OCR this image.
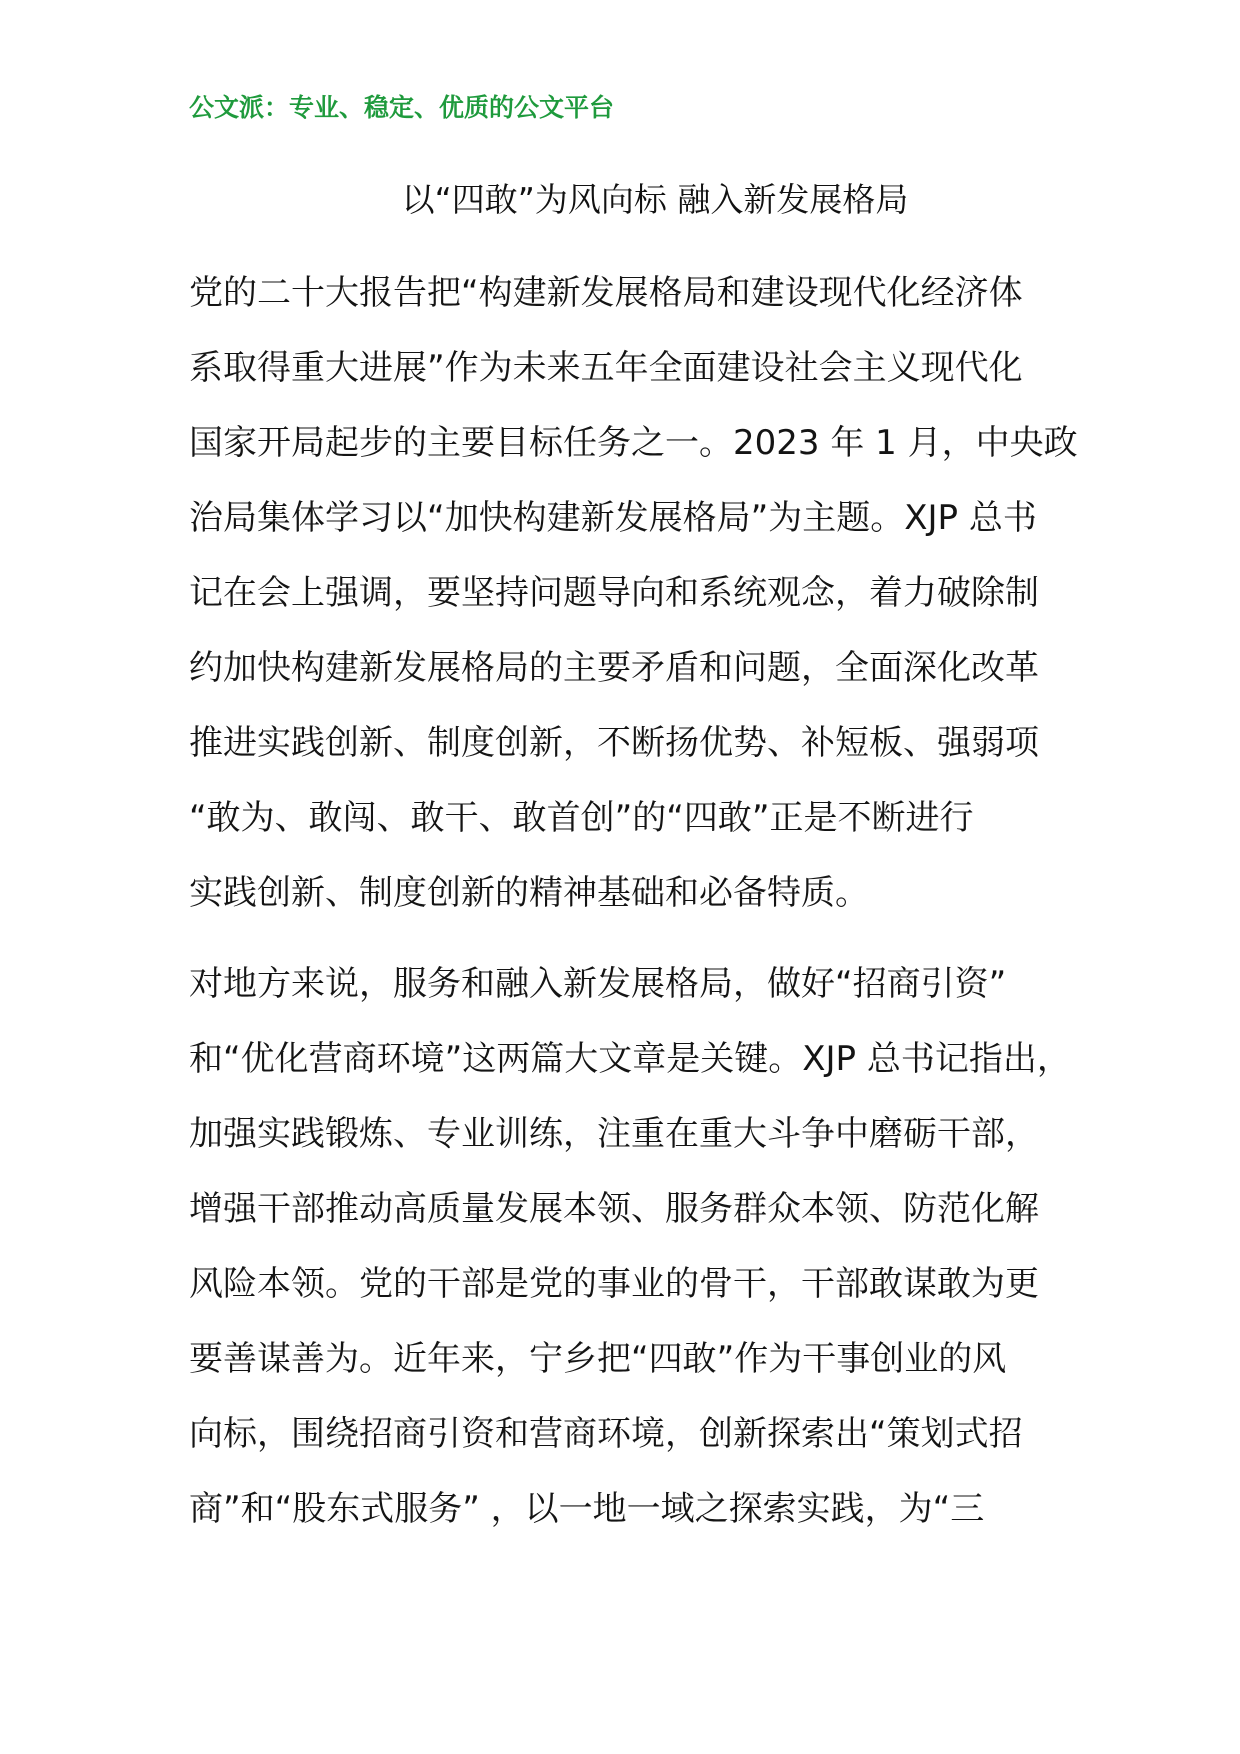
公文派：专业、稳定、优质的公文平台
以“四敢”为风向标 融入新发展格局
党的二十大报告把“构建新发展格局和建设现代化经济体
系取得重大进展”作为未来五年全面建设社会主义现代化
国家开局起步的主要目标任务之一。2023 年 1 月，中央政
治局集体学习以“加快构建新发展格局”为主题。XJP 总书
记在会上强调，要坚持问题导向和系统观念，着力破除制
约加快构建新发展格局的主要矛盾和问题，全面深化改革
推进实践创新、制度创新，不断扬优势、补短板、强弱项
“敢为、敢闯、敢干、敢首创”的“四敢”正是不断进行
实践创新、制度创新的精神基础和必备特质。
对地方来说，服务和融入新发展格局，做好“招商引资”
和“优化营商环境”这两篇大文章是关键。XJP 总书记指出，
加强实践锻炼、专业训练，注重在重大斗争中磨砺干部，
增强干部推动高质量发展本领、服务群众本领、防范化解
风险本领。党的干部是党的事业的骨干，干部敢谋敢为更
要善谋善为。近年来，宁乡把“四敢”作为干事创业的风
向标，围绕招商引资和营商环境，创新探索出“策划式招
商”和“股东式服务” ，以一地一域之探索实践，为“三
